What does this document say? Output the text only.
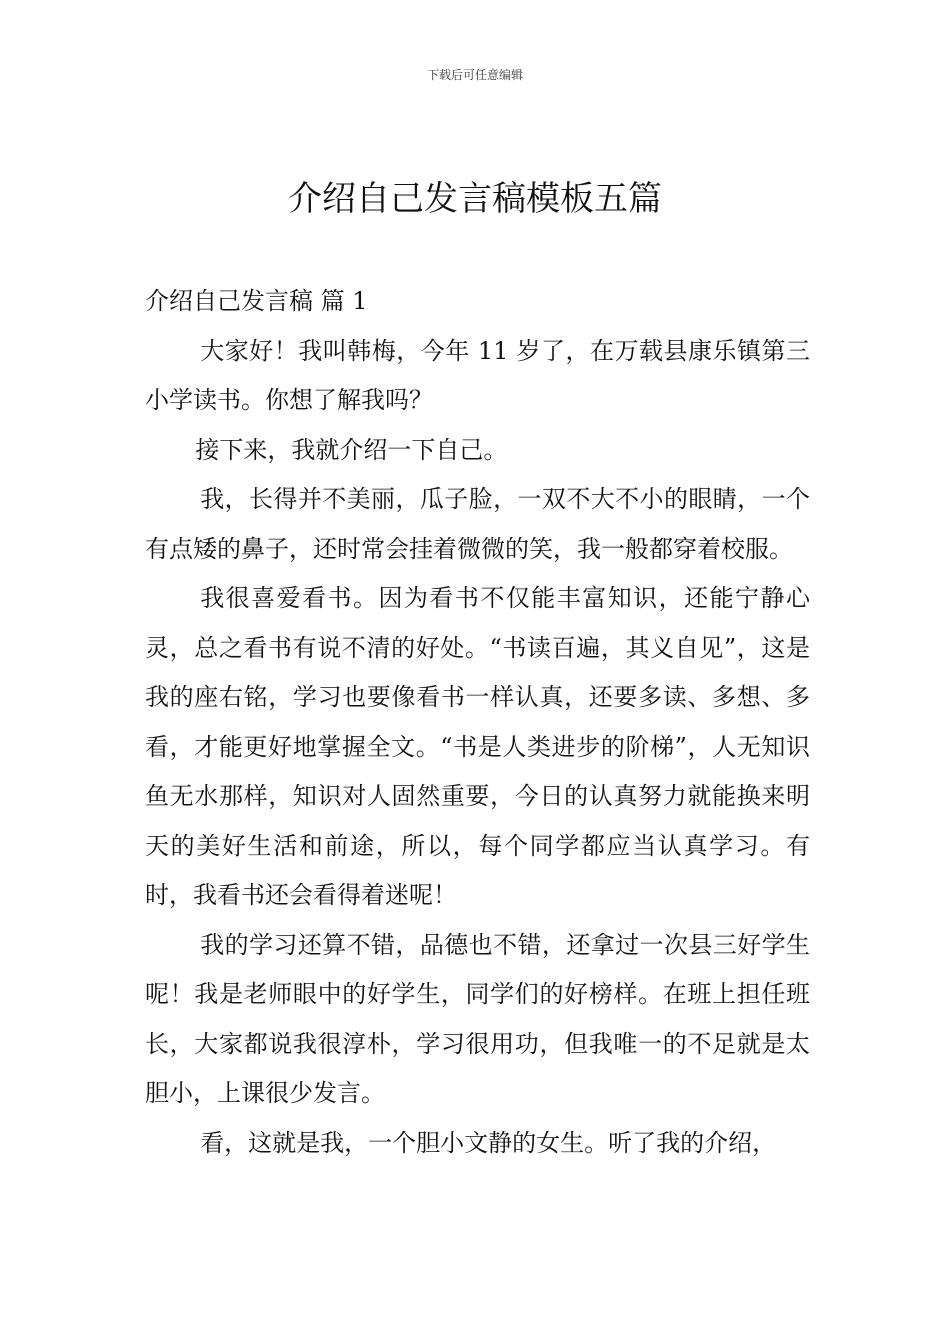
下载后可任意编辑
介绍自己发言稿模板五篇

介绍自己发言稿 篇 1

大家好！我叫韩梅，今年 11 岁了，在万载县康乐镇第三小学读书。你想了解我吗？

接下来，我就介绍一下自己。

我，长得并不美丽，瓜子脸，一双不大不小的眼睛，一个有点矮的鼻子，还时常会挂着微微的笑，我一般都穿着校服。

我很喜爱看书。因为看书不仅能丰富知识，还能宁静心灵，总之看书有说不清的好处。“书读百遍，其义自见”，这是我的座右铭，学习也要像看书一样认真，还要多读、多想、多看，才能更好地掌握全文。“书是人类进步的阶梯”，人无知识鱼无水那样，知识对人固然重要，今日的认真努力就能换来明天的美好生活和前途，所以，每个同学都应当认真学习。有时，我看书还会看得着迷呢！

我的学习还算不错，品德也不错，还拿过一次县三好学生呢！我是老师眼中的好学生，同学们的好榜样。在班上担任班长，大家都说我很淳朴，学习很用功，但我唯一的不足就是太胆小，上课很少发言。

看，这就是我，一个胆小文静的女生。听了我的介绍，
